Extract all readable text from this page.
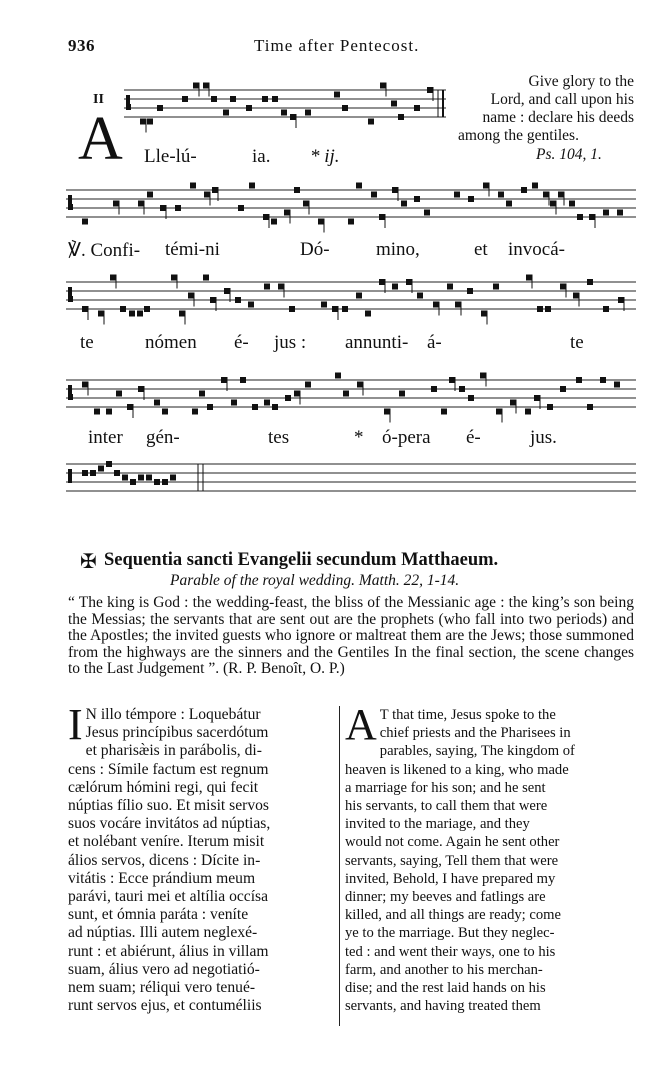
936	Time after Pentecost.
II
A
Give glory to the
Lord, and call upon his
name : declare his deeds
among the gentiles.
Ps. 104, 1.
Lle-lú-	ia. * ij.
℣. Confi- témi-ni	Dó- mino,	et invocá-
te	nómen é- jus : annunti- á-	te
inter gén-	tes	* ó-pera é-	jus.
✠ Sequentia sancti Evangelii secundum Matthaeum.
Parable of the royal wedding. Matth. 22, 1-14.
“ The king is God : the wedding-feast, the bliss of the Messianic age : the king’s son being the Messias; the servants that are sent out are the prophets (who fall into two periods) and the Apostles; the invited guests who ignore or maltreat them are the Jews; those summoned from the highways are the sinners and the Gentiles In the final section, the scene changes to the Last Judgement ”. (R. P. Benoît, O. P.)
I N illo témpore : Loquebátur
Jesus princípibus sacerdótum
et pharisæ̀is in parábolis, di-
cens : Símile factum est regnum
cælórum hómini regi, qui fecit
núptias fílio suo. Et misit servos
suos vocáre invitátos ad núptias,
et nolébant veníre. Iterum misit
álios servos, dicens : Dícite in-
vitátis : Ecce prándium meum
parávi, tauri mei et altília occísa
sunt, et ómnia paráta : veníte
ad núptias. Illi autem neglexé-
runt : et abiérunt, álius in villam
suam, álius vero ad negotiatió-
nem suam; réliqui vero tenué-
runt servos ejus, et contuméliis
A T that time, Jesus spoke to the
chief priests and the Pharisees in
parables, saying, The kingdom of
heaven is likened to a king, who made
a marriage for his son; and he sent
his servants, to call them that were
invited to the mariage, and they
would not come. Again he sent other
servants, saying, Tell them that were
invited, Behold, I have prepared my
dinner; my beeves and fatlings are
killed, and all things are ready; come
ye to the marriage. But they neglec-
ted : and went their ways, one to his
farm, and another to his merchan-
dise; and the rest laid hands on his
servants, and having treated them
